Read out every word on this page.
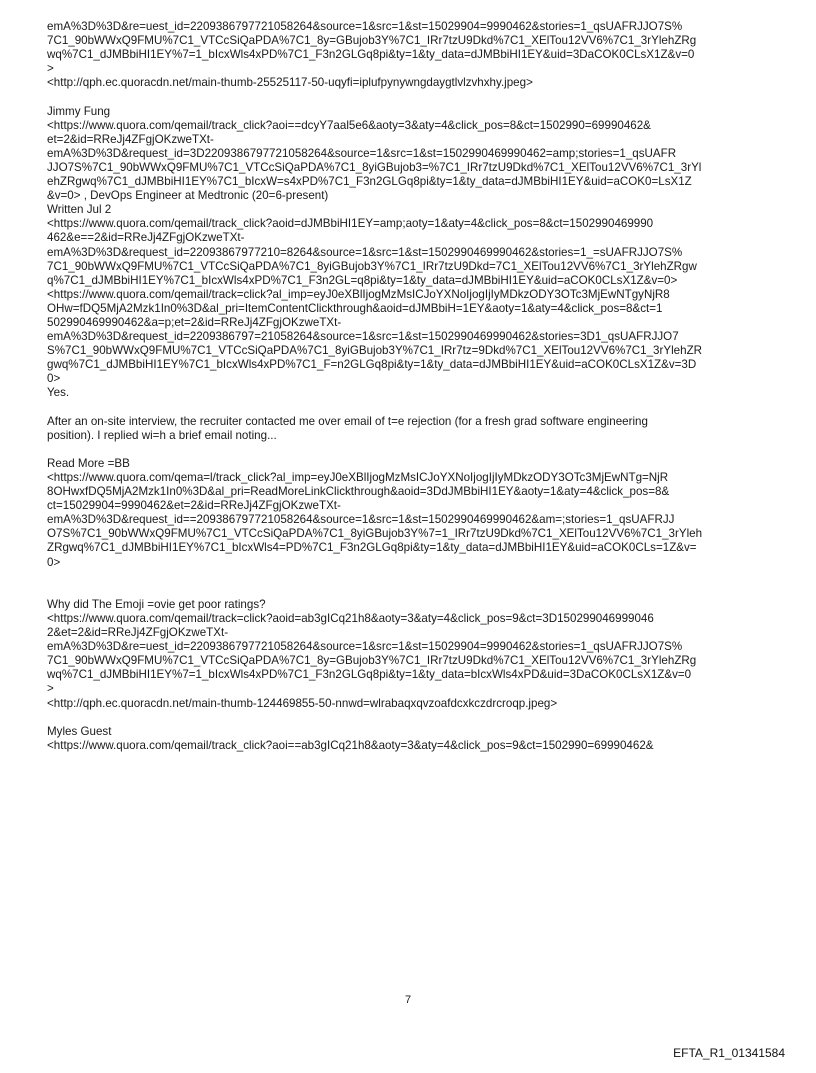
emA%3D%3D&re=uest_id=2209386797721058264&source=1&src=1&st=15029904=9990462&stories=1_qsUAFRJJO7S%
7C1_90bWWxQ9FMU%7C1_VTCcSiQaPDA%7C1_8y=GBujob3Y%7C1_IRr7tzU9Dkd%7C1_XElTou12VV6%7C1_3rYlehZRg
wq%7C1_dJMBbiHI1EY%7=1_bIcxWls4xPD%7C1_F3n2GLGq8pi&ty=1&ty_data=dJMBbiHI1EY&uid=3DaCOK0CLsX1Z&v=0
>
<http://qph.ec.quoracdn.net/main-thumb-25525117-50-uqyfi=iplufpynywngdaygtlvlzvhxhy.jpeg>
Jimmy Fung
<https://www.quora.com/qemail/track_click?aoi==dcyY7aal5e6&aoty=3&aty=4&click_pos=8&ct=1502990=69990462&
et=2&id=RReJj4ZFgjOKzweTXt-
emA%3D%3D&request_id=3D2209386797721058264&source=1&src=1&st=1502990469990462=amp;stories=1_qsUAFR
JJO7S%7C1_90bWWxQ9FMU%7C1_VTCcSiQaPDA%7C1_8yiGBujob3=%7C1_IRr7tzU9Dkd%7C1_XElTou12VV6%7C1_3rYl
ehZRgwq%7C1_dJMBbiHI1EY%7C1_bIcxW=s4xPD%7C1_F3n2GLGq8pi&ty=1&ty_data=dJMBbiHI1EY&uid=aCOK0=LsX1Z
&v=0> , DevOps Engineer at Medtronic (20=6-present)
Written Jul 2
<https://www.quora.com/qemail/track_click?aoid=dJMBbiHI1EY=amp;aoty=1&aty=4&click_pos=8&ct=1502990469990
462&e==2&id=RReJj4ZFgjOKzweTXt-
emA%3D%3D&request_id=22093867977210=8264&source=1&src=1&st=1502990469990462&stories=1_=sUAFRJJO7S%
7C1_90bWWxQ9FMU%7C1_VTCcSiQaPDA%7C1_8yiGBujob3Y%7C1_IRr7tzU9Dkd=7C1_XElTou12VV6%7C1_3rYlehZRgw
q%7C1_dJMBbiHI1EY%7C1_bIcxWls4xPD%7C1_F3n2GL=q8pi&ty=1&ty_data=dJMBbiHI1EY&uid=aCOK0CLsX1Z&v=0>
<https://www.quora.com/qemail/track=click?al_imp=eyJ0eXBlIjogMzMsICJoYXNoIjogIjIyMDkzODY3OTc3MjEwNTgyNjR8
OHw=fDQ5MjA2Mzk1In0%3D&al_pri=ItemContentClickthrough&aoid=dJMBbiH=1EY&aoty=1&aty=4&click_pos=8&ct=1
502990469990462&a=p;et=2&id=RReJj4ZFgjOKzweTXt-
emA%3D%3D&request_id=2209386797=21058264&source=1&src=1&st=1502990469990462&stories=3D1_qsUAFRJJO7
S%7C1_90bWWxQ9FMU%7C1_VTCcSiQaPDA%7C1_8yiGBujob3Y%7C1_IRr7tz=9Dkd%7C1_XElTou12VV6%7C1_3rYlehZR
gwq%7C1_dJMBbiHI1EY%7C1_bIcxWls4xPD%7C1_F=n2GLGq8pi&ty=1&ty_data=dJMBbiHI1EY&uid=aCOK0CLsX1Z&v=3D
0>
Yes.
After an on-site interview, the recruiter contacted me over email of t=e rejection (for a fresh grad software engineering
position). I replied wi=h a brief email noting...
Read More =BB
<https://www.quora.com/qema=l/track_click?al_imp=eyJ0eXBlIjogMzMsICJoYXNoIjogIjIyMDkzODY3OTc3MjEwNTg=NjR
8OHwxfDQ5MjA2Mzk1In0%3D&al_pri=ReadMoreLinkClickthrough&aoid=3DdJMBbiHI1EY&aoty=1&aty=4&click_pos=8&
ct=15029904=9990462&et=2&id=RReJj4ZFgjOKzweTXt-
emA%3D%3D&request_id==209386797721058264&source=1&src=1&st=1502990469990462&am=;stories=1_qsUAFRJJ
O7S%7C1_90bWWxQ9FMU%7C1_VTCcSiQaPDA%7C1_8yiGBujob3Y%7=1_IRr7tzU9Dkd%7C1_XElTou12VV6%7C1_3rYleh
ZRgwq%7C1_dJMBbiHI1EY%7C1_bIcxWls4=PD%7C1_F3n2GLGq8pi&ty=1&ty_data=dJMBbiHI1EY&uid=aCOK0CLs=1Z&v=
0>
Why did The Emoji =ovie get poor ratings?
<https://www.quora.com/qemail/track=click?aoid=ab3gICq21h8&aoty=3&aty=4&click_pos=9&ct=3D150299046999046
2&et=2&id=RReJj4ZFgjOKzweTXt-
emA%3D%3D&re=uest_id=2209386797721058264&source=1&src=1&st=15029904=9990462&stories=1_qsUAFRJJO7S%
7C1_90bWWxQ9FMU%7C1_VTCcSiQaPDA%7C1_8y=GBujob3Y%7C1_IRr7tzU9Dkd%7C1_XElTou12VV6%7C1_3rYlehZRg
wq%7C1_dJMBbiHI1EY%7=1_bIcxWls4xPD%7C1_F3n2GLGq8pi&ty=1&ty_data=bIcxWls4xPD&uid=3DaCOK0CLsX1Z&v=0
>
<http://qph.ec.quoracdn.net/main-thumb-124469855-50-nnwd=wlrabaqxqvzoafdcxkczdrcroqp.jpeg>
Myles Guest
<https://www.quora.com/qemail/track_click?aoi==ab3gICq21h8&aoty=3&aty=4&click_pos=9&ct=1502990=69990462&
7
EFTA_R1_01341584
